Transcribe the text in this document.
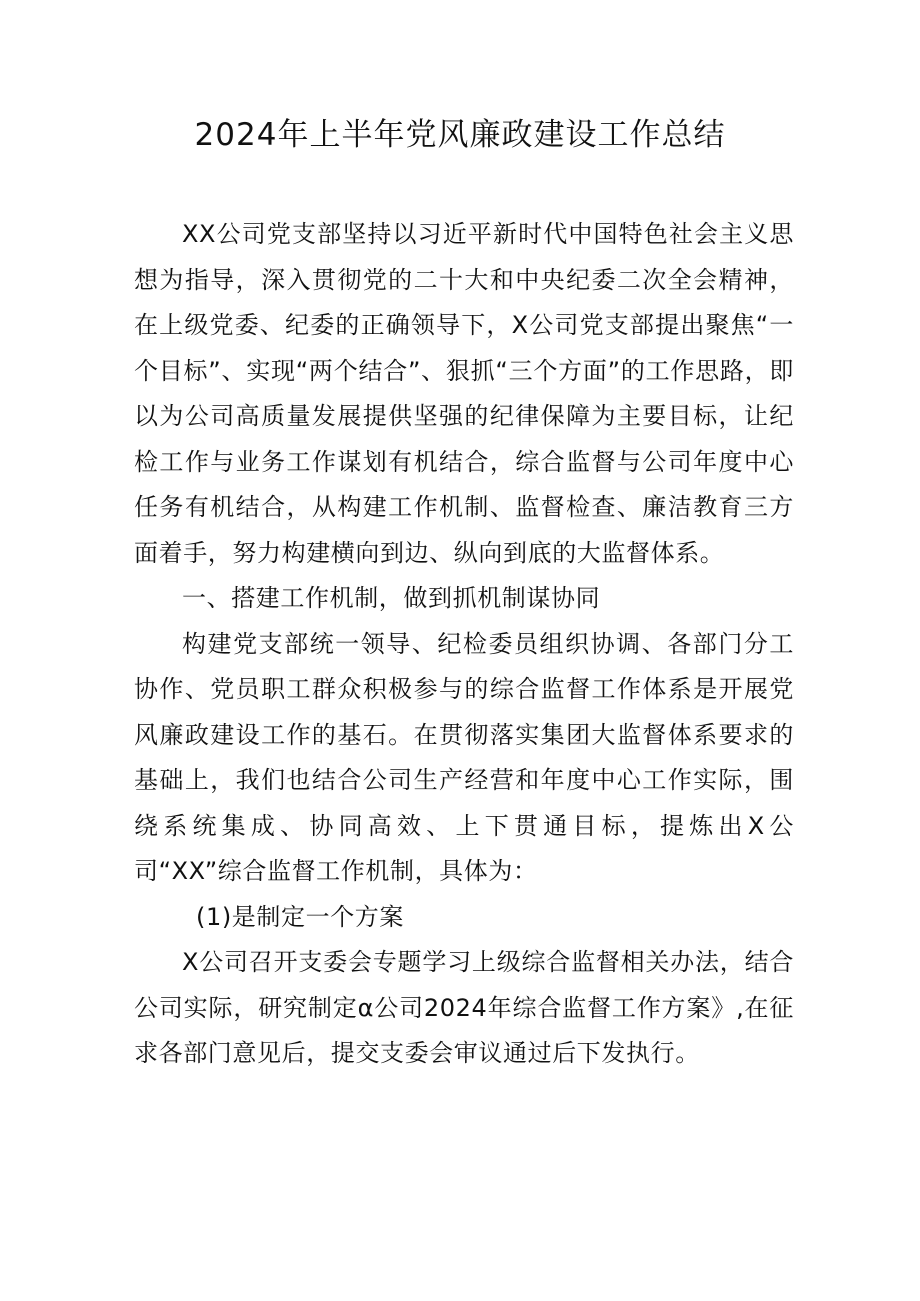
2024年上半年党风廉政建设工作总结

XX公司党支部坚持以习近平新时代中国特色社会主义思想为指导，深入贯彻党的二十大和中央纪委二次全会精神，在上级党委、纪委的正确领导下，X公司党支部提出聚焦“一个目标”、实现“两个结合”、狠抓“三个方面”的工作思路，即以为公司高质量发展提供坚强的纪律保障为主要目标，让纪检工作与业务工作谋划有机结合，综合监督与公司年度中心任务有机结合，从构建工作机制、监督检查、廉洁教育三方面着手，努力构建横向到边、纵向到底的大监督体系。

一、搭建工作机制，做到抓机制谋协同

构建党支部统一领导、纪检委员组织协调、各部门分工协作、党员职工群众积极参与的综合监督工作体系是开展党风廉政建设工作的基石。在贯彻落实集团大监督体系要求的基础上，我们也结合公司生产经营和年度中心工作实际，围绕系统集成、协同高效、上下贯通目标，提炼出X公司“XX”综合监督工作机制，具体为：

(1)是制定一个方案

X公司召开支委会专题学习上级综合监督相关办法，结合公司实际，研究制定α公司2024年综合监督工作方案》,在征求各部门意见后，提交支委会审议通过后下发执行。
